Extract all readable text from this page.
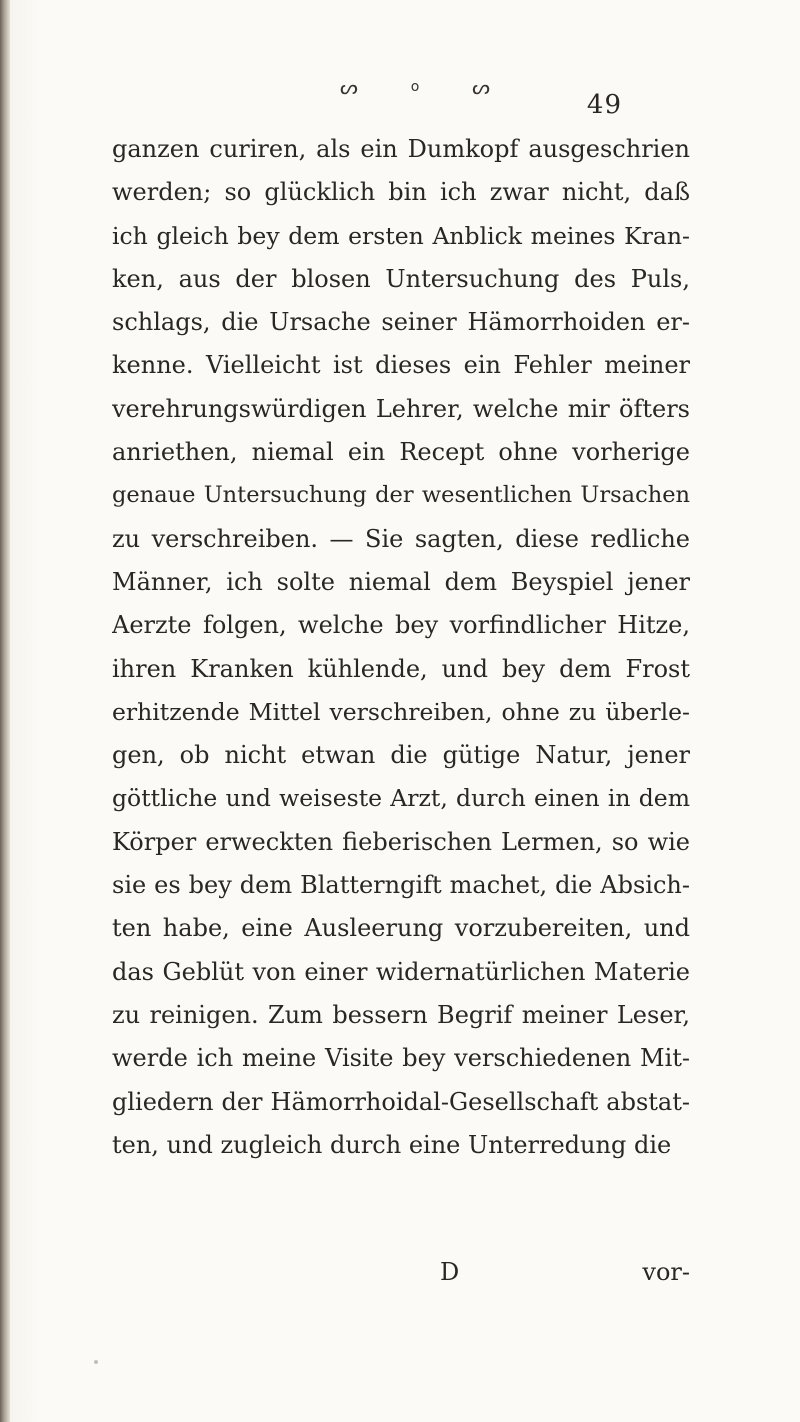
ᔕ	o	ᔕ
49
ganzen curiren, als ein Dumkopf ausgeschrien
werden; so glücklich bin ich zwar nicht, daß
ich gleich bey dem ersten Anblick meines Kran-
ken, aus der blosen Untersuchung des Puls,
schlags, die Ursache seiner Hämorrhoiden er-
kenne. Vielleicht ist dieses ein Fehler meiner
verehrungswürdigen Lehrer, welche mir öfters
anriethen, niemal ein Recept ohne vorherige
genaue Untersuchung der wesentlichen Ursachen
zu verschreiben. — Sie sagten, diese redliche
Männer, ich solte niemal dem Beyspiel jener
Aerzte folgen, welche bey vorfindlicher Hitze,
ihren Kranken kühlende, und bey dem Frost
erhitzende Mittel verschreiben, ohne zu überle-
gen, ob nicht etwan die gütige Natur, jener
göttliche und weiseste Arzt, durch einen in dem
Körper erweckten fieberischen Lermen, so wie
sie es bey dem Blatterngift machet, die Absich-
ten habe, eine Ausleerung vorzubereiten, und
das Geblüt von einer widernatürlichen Materie
zu reinigen. Zum bessern Begrif meiner Leser,
werde ich meine Visite bey verschiedenen Mit-
gliedern der Hämorrhoidal-Gesellschaft abstat-
ten, und zugleich durch eine Unterredung die
D	vor-
